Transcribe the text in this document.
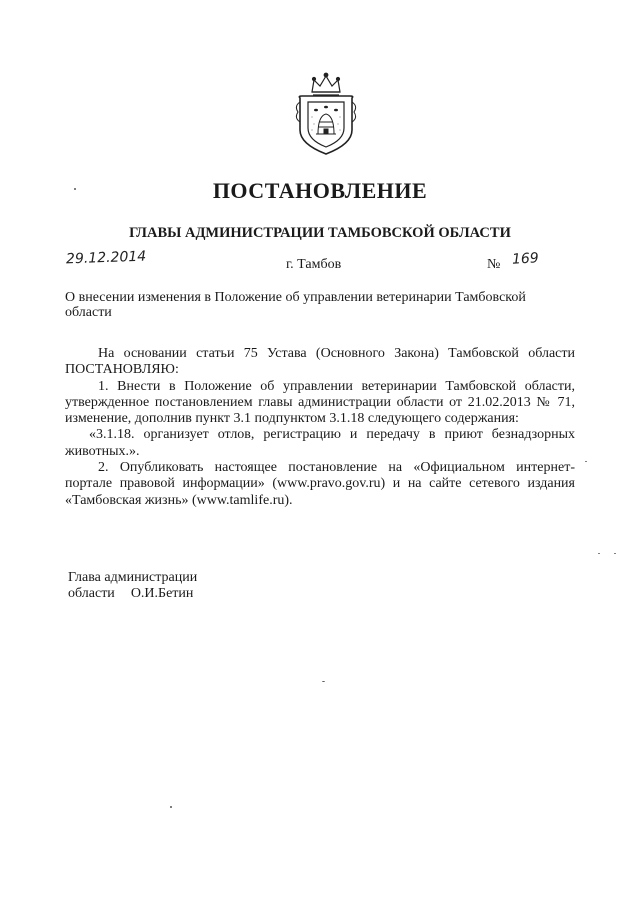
ПОСТАНОВЛЕНИЕ
ГЛАВЫ АДМИНИСТРАЦИИ ТАМБОВСКОЙ ОБЛАСТИ
29.12.2014	г. Тамбов	№ 169
О внесении изменения в Положение об управлении ветеринарии Тамбовской
области

На основании статьи 75 Устава (Основного Закона) Тамбовской области ПОСТАНОВЛЯЮ:

1. Внести в Положение об управлении ветеринарии Тамбовской области, утвержденное постановлением главы администрации области от 21.02.2013 № 71, изменение, дополнив пункт 3.1 подпунктом 3.1.18 следующего содержания:

«3.1.18. организует отлов, регистрацию и передачу в приют безнадзорных животных.».

2. Опубликовать настоящее постановление на «Официальном интернет-портале правовой информации» (www.pravo.gov.ru) и на сайте сетевого издания «Тамбовская жизнь» (www.tamlife.ru).

Глава администрации
области О.И.Бетин
